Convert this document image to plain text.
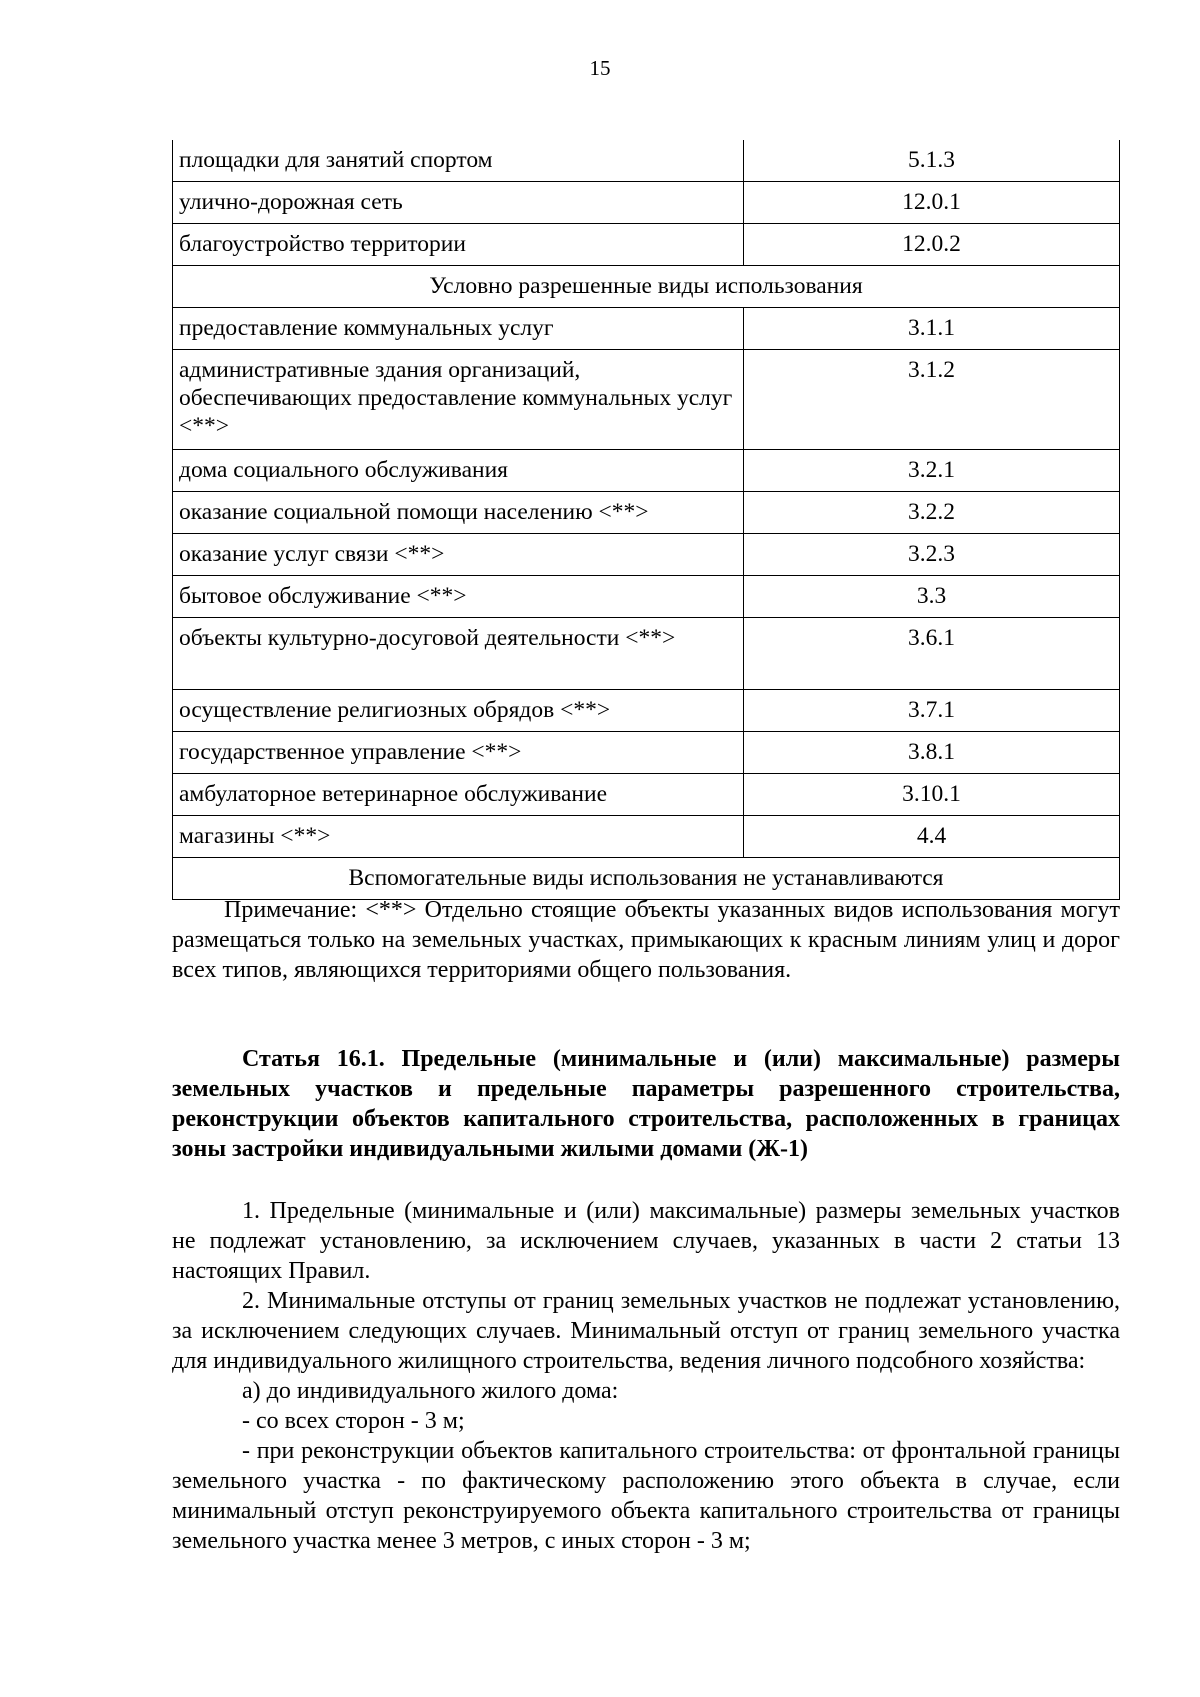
15
площадки для занятий спортом	5.1.3
улично-дорожная сеть	12.0.1
благоустройство территории	12.0.2
Условно разрешенные виды использования	
предоставление коммунальных услуг	3.1.1
административные здания организаций, обеспечивающих предоставление коммунальных услуг <**>	3.1.2
дома социального обслуживания	3.2.1
оказание социальной помощи населению <**>	3.2.2
оказание услуг связи <**>	3.2.3
бытовое обслуживание <**>	3.3
объекты культурно-досуговой деятельности <**>	3.6.1
осуществление религиозных обрядов <**>	3.7.1
государственное управление <**>	3.8.1
амбулаторное ветеринарное обслуживание	3.10.1
магазины <**>	4.4
Вспомогательные виды использования не устанавливаются	

Примечание: <**> Отдельно стоящие объекты указанных видов использования могут размещаться только на земельных участках, примыкающих к красным линиям улиц и дорог всех типов, являющихся территориями общего пользования.

Статья 16.1. Предельные (минимальные и (или) максимальные) размеры земельных участков и предельные параметры разрешенного строительства, реконструкции объектов капитального строительства, расположенных в границах зоны застройки индивидуальными жилыми домами (Ж-1)

1. Предельные (минимальные и (или) максимальные) размеры земельных участков не подлежат установлению, за исключением случаев, указанных в части 2 статьи 13 настоящих Правил.

2. Минимальные отступы от границ земельных участков не подлежат установлению, за исключением следующих случаев. Минимальный отступ от границ земельного участка для индивидуального жилищного строительства, ведения личного подсобного хозяйства:

а) до индивидуального жилого дома:

- со всех сторон - 3 м;

- при реконструкции объектов капитального строительства: от фронтальной границы земельного участка - по фактическому расположению этого объекта в случае, если минимальный отступ реконструируемого объекта капитального строительства от границы земельного участка менее 3 метров, с иных сторон - 3 м;
